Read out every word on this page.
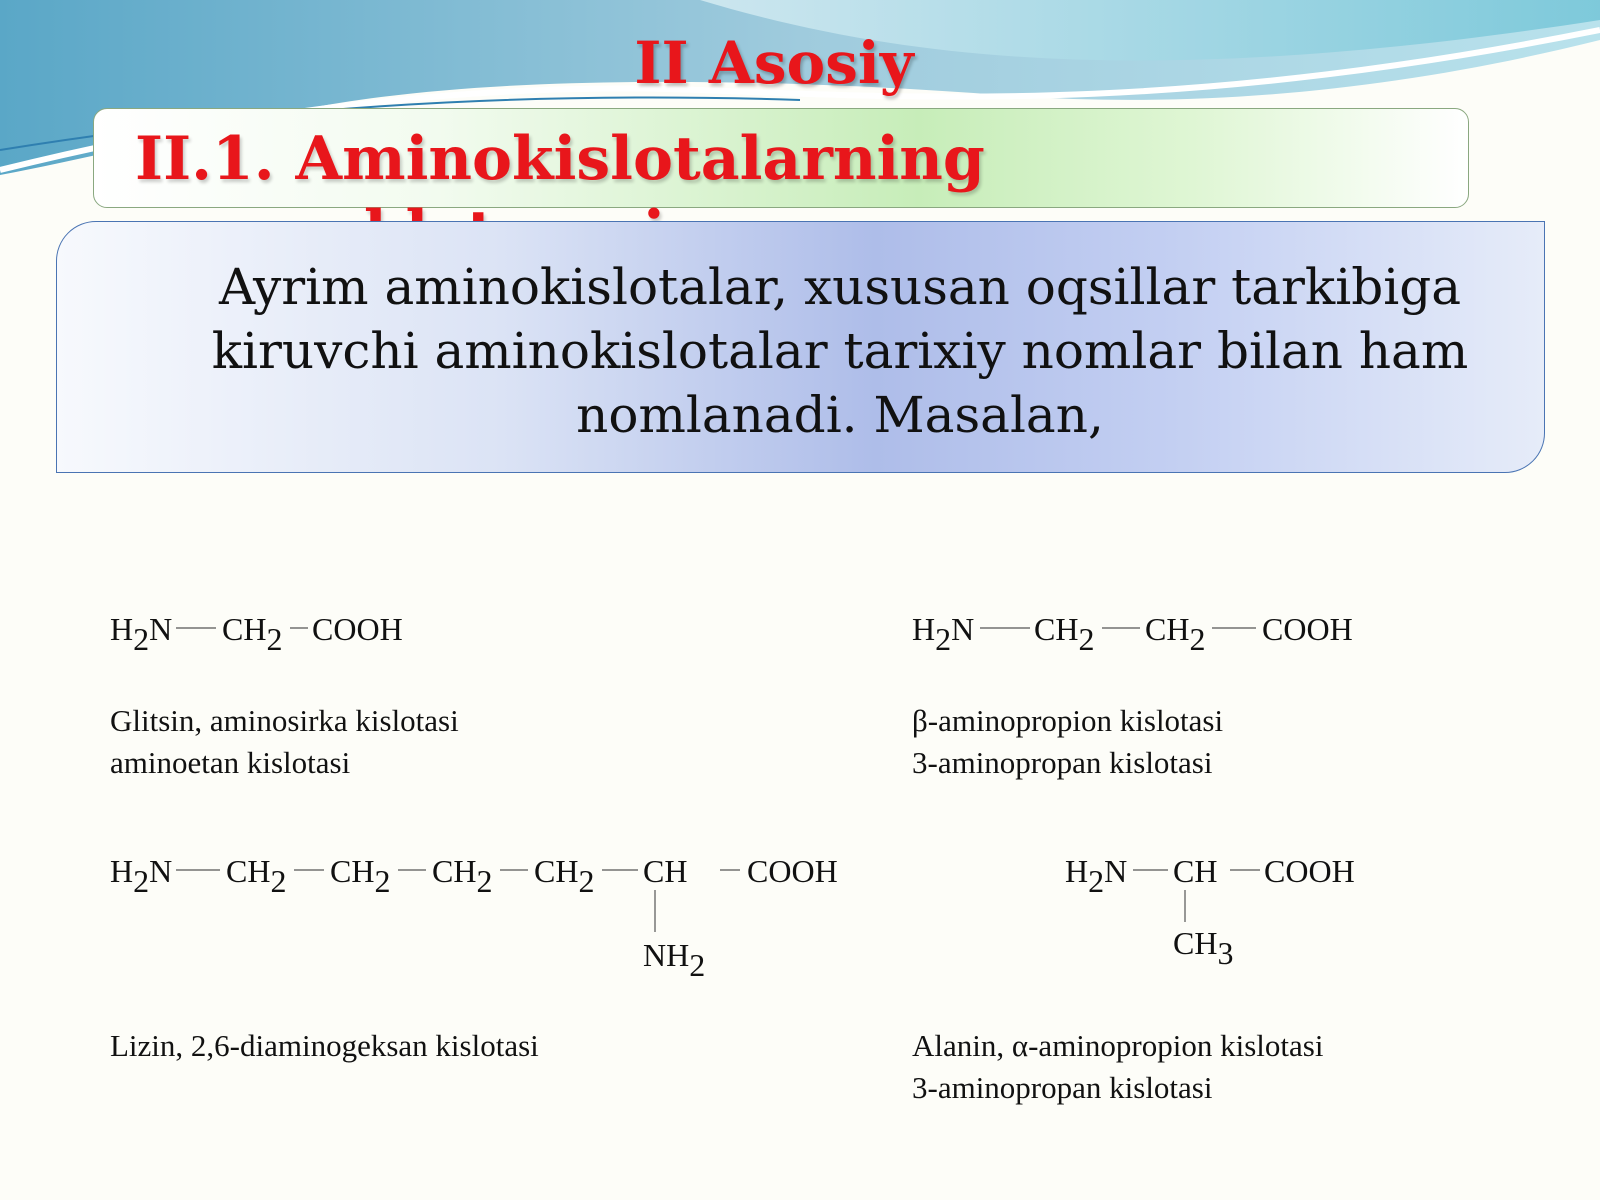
II Asosiy
II.1. Aminokislotalarning

Ayrim aminokislotalar, xususan oqsillar tarkibiga kiruvchi aminokislotalar tarixiy nomlar bilan ham nomlanadi. Masalan,

H2N CH2 COOH	H2N CH2 CH2 COOH
H2N CH2 CH2 CH2 CH2 CH COOH
NH2
H2N CH COOH
CH3

Glitsin, aminosirka kislotasi
aminoetan kislotasi

β-aminopropion kislotasi
3-aminopropan kislotasi

Lizin, 2,6-diaminogeksan kislotasi	Alanin, α-aminopropion kislotasi
3-aminopropan kislotasi
